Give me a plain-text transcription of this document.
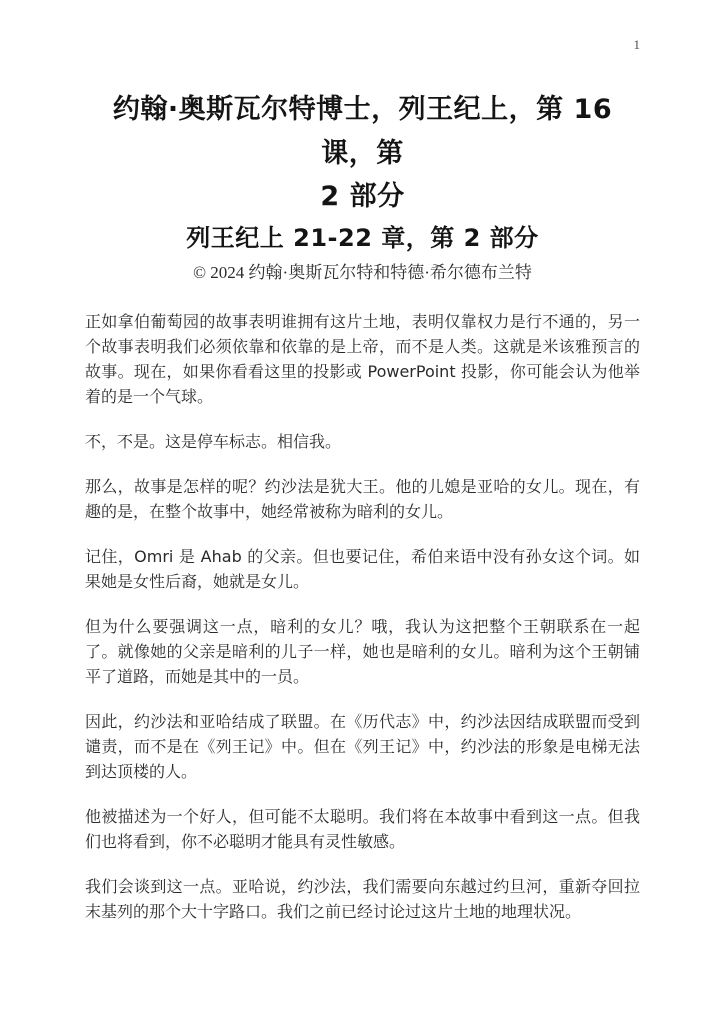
1
约翰·奥斯瓦尔特博士，列王纪上，第 16 课，第
2 部分
列王纪上 21-22 章，第 2 部分
© 2024 约翰·奥斯瓦尔特和特德·希尔德布兰特

正如拿伯葡萄园的故事表明谁拥有这片土地，表明仅靠权力是行不通的，另一个故事表明我们必须依靠和依靠的是上帝，而不是人类。这就是米该雅预言的故事。现在，如果你看看这里的投影或 PowerPoint 投影，你可能会认为他举着的是一个气球。

不，不是。这是停车标志。相信我。

那么，故事是怎样的呢？约沙法是犹大王。他的儿媳是亚哈的女儿。现在，有趣的是，在整个故事中，她经常被称为暗利的女儿。

记住，Omri 是 Ahab 的父亲。但也要记住，希伯来语中没有孙女这个词。如果她是女性后裔，她就是女儿。

但为什么要强调这一点，暗利的女儿？哦，我认为这把整个王朝联系在一起了。就像她的父亲是暗利的儿子一样，她也是暗利的女儿。暗利为这个王朝铺平了道路，而她是其中的一员。

因此，约沙法和亚哈结成了联盟。在《历代志》中，约沙法因结成联盟而受到谴责，而不是在《列王记》中。但在《列王记》中，约沙法的形象是电梯无法到达顶楼的人。

他被描述为一个好人，但可能不太聪明。我们将在本故事中看到这一点。但我们也将看到，你不必聪明才能具有灵性敏感。

我们会谈到这一点。亚哈说，约沙法，我们需要向东越过约旦河，重新夺回拉末基列的那个大十字路口。我们之前已经讨论过这片土地的地理状况。
